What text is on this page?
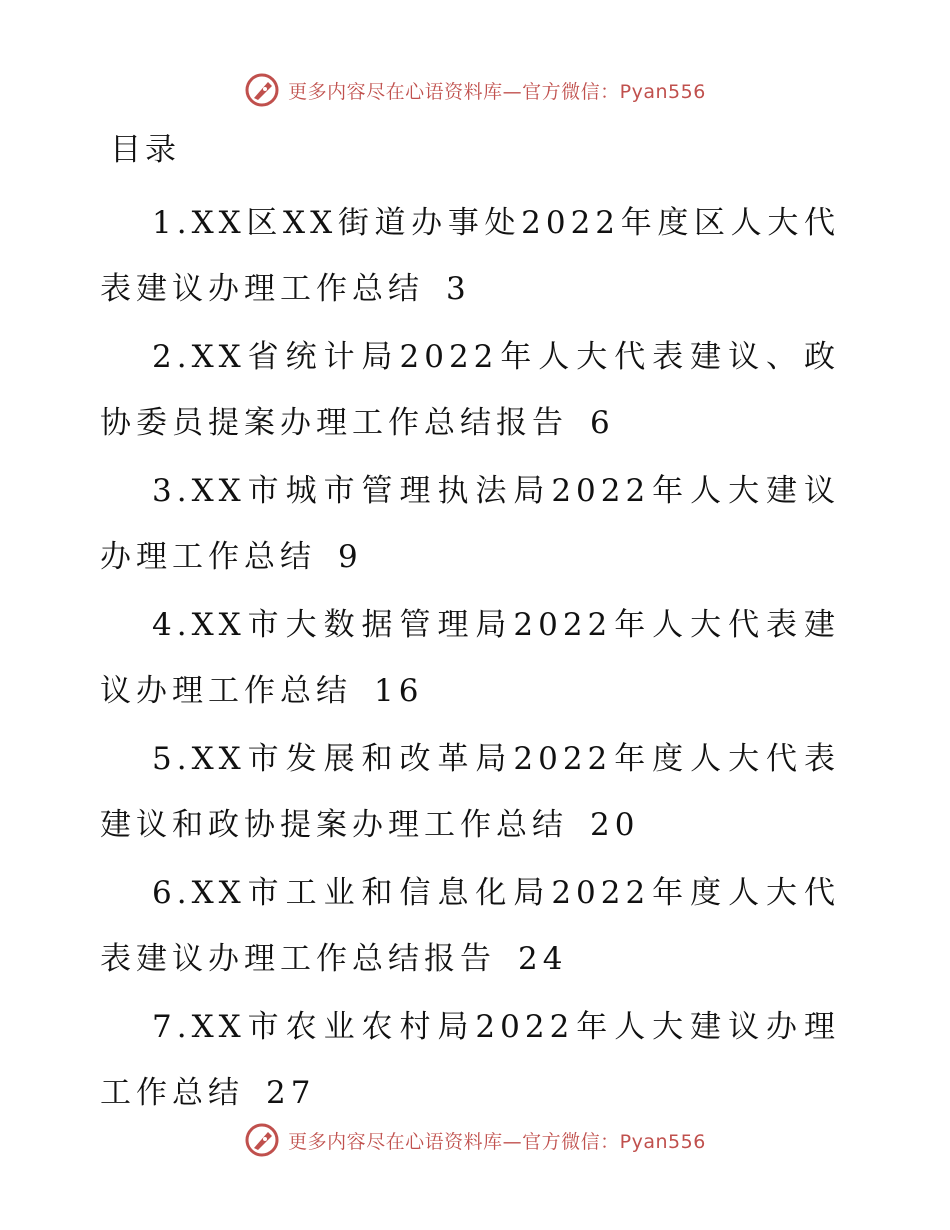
更多内容尽在心语资料库—官方微信：Pyan556
目录
1.XX区XX街道办事处2022年度区人大代表建议办理工作总结 3
2.XX省统计局2022年人大代表建议、政协委员提案办理工作总结报告 6
3.XX市城市管理执法局2022年人大建议办理工作总结 9
4.XX市大数据管理局2022年人大代表建议办理工作总结 16
5.XX市发展和改革局2022年度人大代表建议和政协提案办理工作总结 20
6.XX市工业和信息化局2022年度人大代表建议办理工作总结报告 24
7.XX市农业农村局2022年人大建议办理工作总结 27
更多内容尽在心语资料库—官方微信：Pyan556
